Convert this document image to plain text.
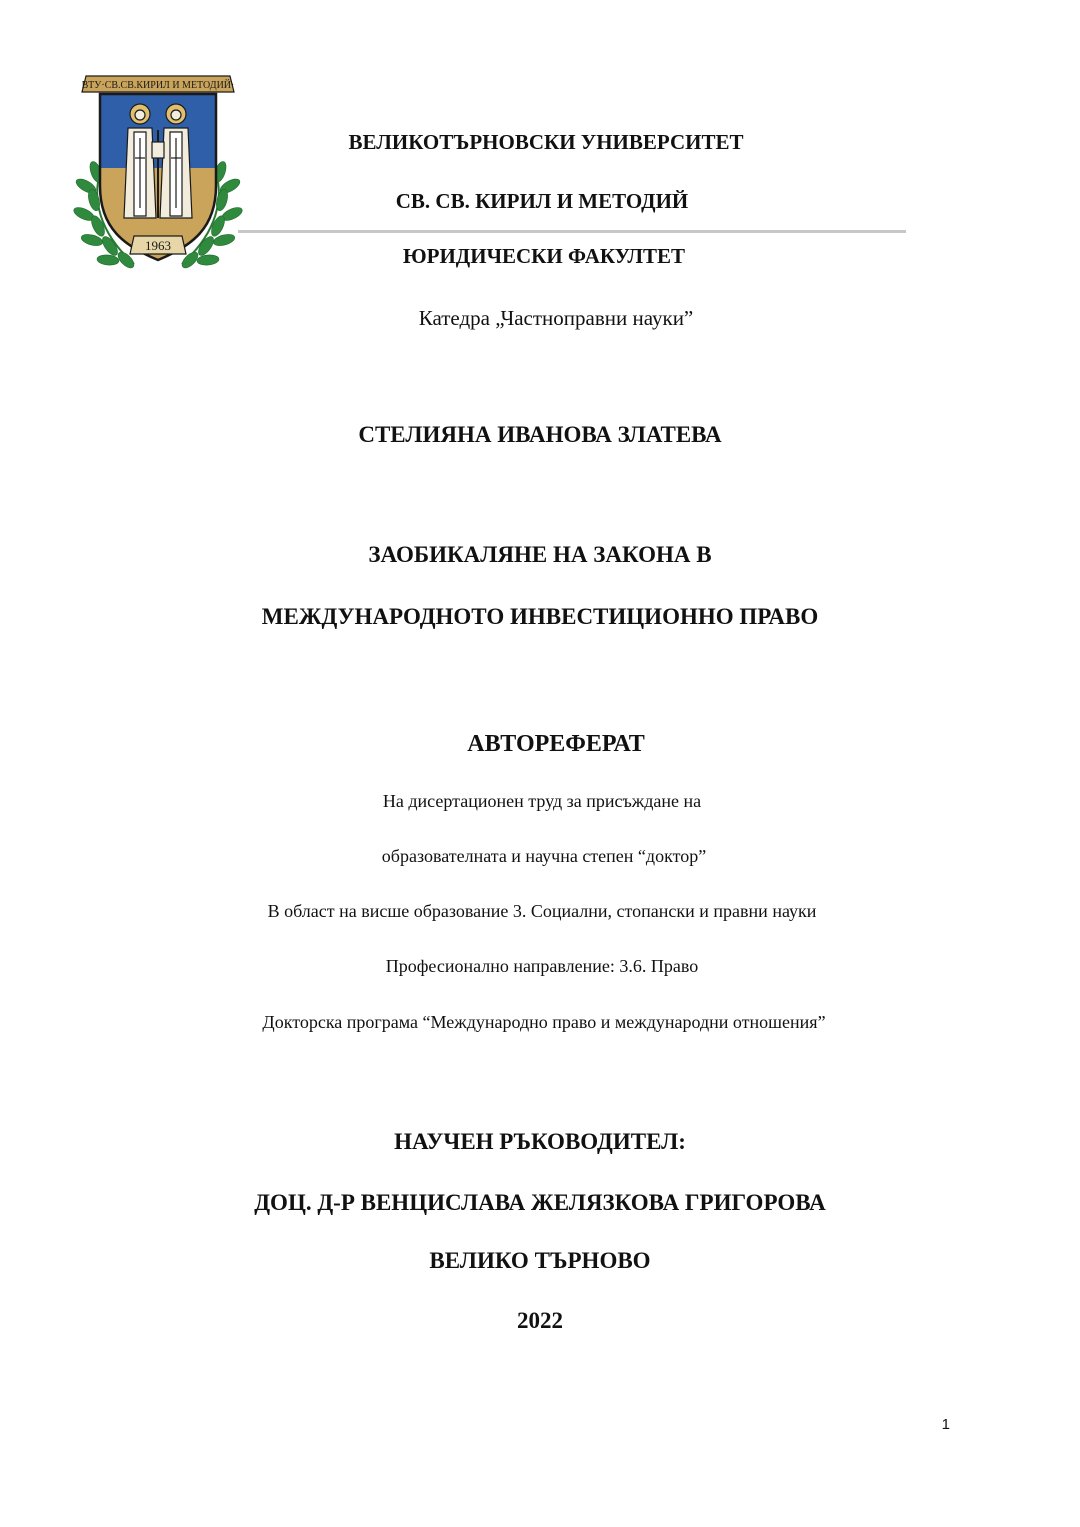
ВТУ·СВ.СВ.КИРИЛ И МЕТОДИЙ·
1963
ВЕЛИКОТЪРНОВСКИ УНИВЕРСИТЕТ
СВ. СВ. КИРИЛ И МЕТОДИЙ
ЮРИДИЧЕСКИ ФАКУЛТЕТ
Катедра „Частноправни науки”
СТЕЛИЯНА ИВАНОВА ЗЛАТЕВА
ЗАОБИКАЛЯНЕ НА ЗАКОНА В
МЕЖДУНАРОДНОТО ИНВЕСТИЦИОННО ПРАВО
АВТОРЕФЕРАТ
На дисертационен труд за присъждане на
образователната и научна степен “доктор”
В област на висше образование 3. Социални, стопански и правни науки
Професионално направление: 3.6. Право
Докторска програма “Международно право и международни отношения”
НАУЧЕН РЪКОВОДИТЕЛ:
ДОЦ. Д-Р ВЕНЦИСЛАВА ЖЕЛЯЗКОВА ГРИГОРОВА
ВЕЛИКО ТЪРНОВО
2022
1
